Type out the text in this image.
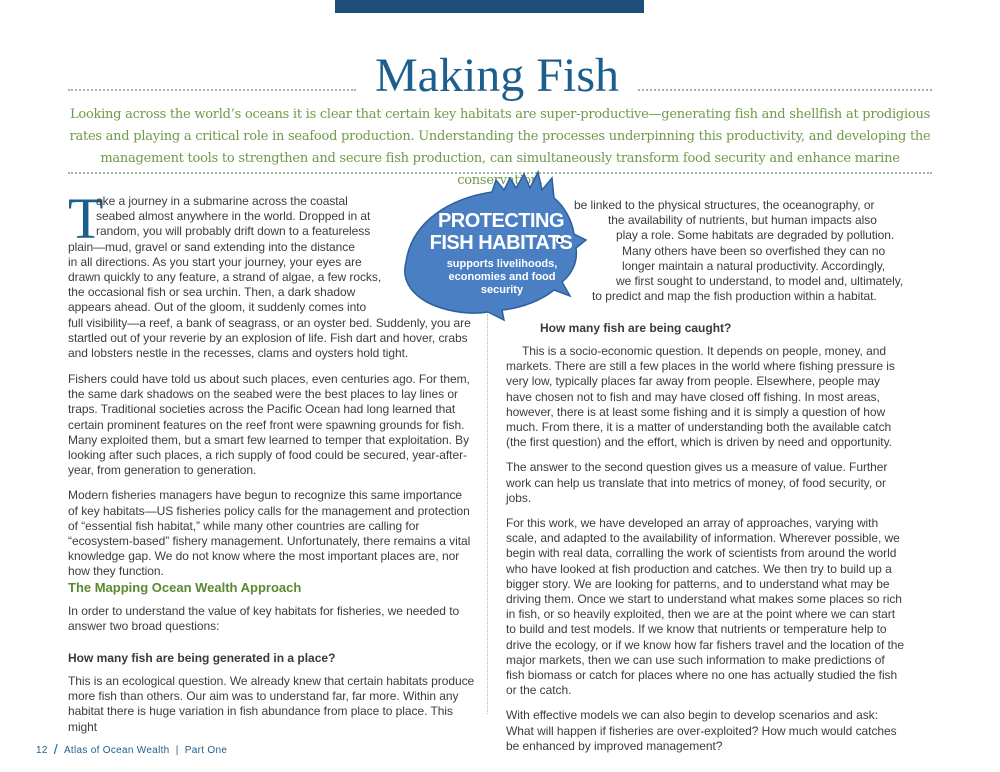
Making Fish
Looking across the world’s oceans it is clear that certain key habitats are super-productive—generating fish and shellfish at prodigious rates and playing a critical role in seafood production. Understanding the processes underpinning this productivity, and developing the management tools to strengthen and secure fish production, can simultaneously transform food security and enhance marine conservation.
T

ake a journey in a submarine across the coastal

seabed almost anywhere in the world. Dropped in at

random, you will probably drift down to a featureless

plain—mud, gravel or sand extending into the distance

in all directions. As you start your journey, your eyes are

drawn quickly to any feature, a strand of algae, a few rocks,

the occasional fish or sea urchin. Then, a dark shadow

appears ahead. Out of the gloom, it suddenly comes into

full visibility—a reef, a bank of seagrass, or an oyster bed. Suddenly, you are

startled out of your reverie by an explosion of life. Fish dart and hover, crabs

and lobsters nestle in the recesses, clams and oysters hold tight.

Fishers could have told us about such places, even centuries ago. For them, the same dark shadows on the seabed were the best places to lay lines or traps. Traditional societies across the Pacific Ocean had long learned that certain prominent features on the reef front were spawning grounds for fish. Many exploited them, but a smart few learned to temper that exploitation. By looking after such places, a rich supply of food could be secured, year-after-year, from generation to generation.

Modern fisheries managers have begun to recognize this same importance of key habitats—US fisheries policy calls for the management and protection of “essential fish habitat,” while many other countries are calling for “ecosystem-based” fishery management. Unfortunately, there remains a vital knowledge gap. We do not know where the most important places are, nor how they function.

The Mapping Ocean Wealth Approach

In order to understand the value of key habitats for fisheries, we needed to answer two broad questions:

How many fish are being generated in a place?

This is an ecological question. We already knew that certain habitats produce more fish than others. Our aim was to understand far, far more. Within any habitat there is huge variation in fish abundance from place to place. This might

PROTECTING FISH HABITATS
supports livelihoods, economies and food security

be linked to the physical structures, the oceanography, or

the availability of nutrients, but human impacts also

play a role. Some habitats are degraded by pollution.

Many others have been so overfished they can no

longer maintain a natural productivity. Accordingly,

we first sought to understand, to model and, ultimately,

to predict and map the fish production within a habitat.

How many fish are being caught?

This is a socio-economic question. It depends on people, money, and markets. There are still a few places in the world where fishing pressure is very low, typically places far away from people. Elsewhere, people may have chosen not to fish and may have closed off fishing. In most areas, however, there is at least some fishing and it is simply a question of how much. From there, it is a matter of understanding both the available catch (the first question) and the effort, which is driven by need and opportunity.

The answer to the second question gives us a measure of value. Further work can help us translate that into metrics of money, of food security, or jobs.

For this work, we have developed an array of approaches, varying with scale, and adapted to the availability of information. Wherever possible, we begin with real data, corralling the work of scientists from around the world who have looked at fish production and catches. We then try to build up a bigger story. We are looking for patterns, and to understand what may be driving them. Once we start to understand what makes some places so rich in fish, or so heavily exploited, then we are at the point where we can start to build and test models. If we know that nutrients or temperature help to drive the ecology, or if we know how far fishers travel and the location of the major markets, then we can use such information to make predictions of fish biomass or catch for places where no one has actually studied the fish or the catch.

With effective models we can also begin to develop scenarios and ask: What will happen if fisheries are over-exploited? How much would catches be enhanced by improved management?

12 / Atlas of Ocean Wealth  |  Part One
